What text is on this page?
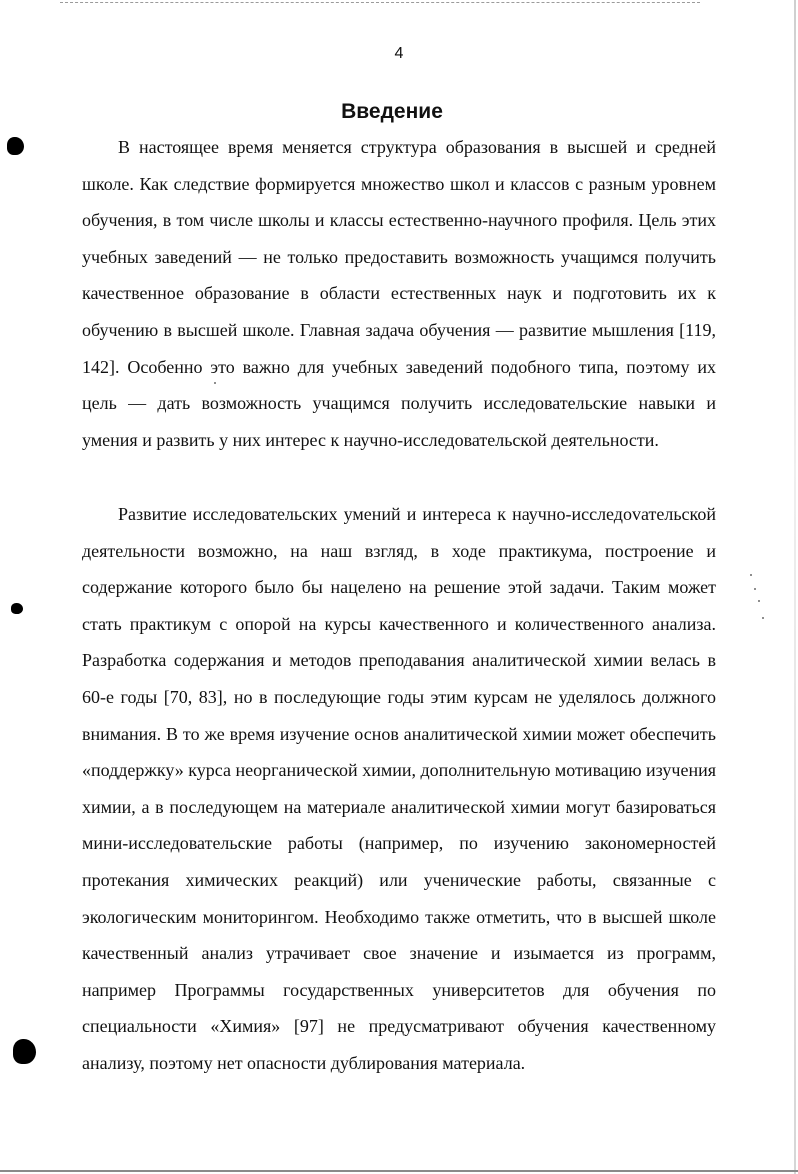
4
Введение

В настоящее время меняется структура образования в высшей и средней школе. Как следствие формируется множество школ и классов с разным уровнем обучения, в том числе школы и классы естественно-научного профиля. Цель этих учебных заведений — не только предоставить возможность учащимся получить качественное образование в области естественных наук и подготовить их к обучению в высшей школе. Главная задача обучения — развитие мышления [119, 142]. Особенно это важно для учебных заведений подобного типа, поэтому их цель — дать возможность учащимся получить исследовательские навыки и умения и развить у них интерес к научно-исследовательской деятельности.

Развитие исследовательских умений и интереса к научно-исследоvательской деятельности возможно, на наш взгляд, в ходе практикума, построение и содержание которого было бы нацелено на решение этой задачи. Таким может стать практикум с опорой на курсы качественного и количественного анализа. Разработка содержания и методов преподавания аналитической химии велась в 60-е годы [70, 83], но в последующие годы этим курсам не уделялось должного внимания. В то же время изучение основ аналитической химии может обеспечить «поддержку» курса неорганической химии, дополнительную мотивацию изучения химии, а в последующем на материале аналитической химии могут базироваться мини-исследовательские работы (например, по изучению закономерностей протекания химических реакций) или ученические работы, связанные с экологическим мониторингом. Необходимо также отметить, что в высшей школе качественный анализ утрачивает свое значение и изымается из программ, например Программы государственных университетов для обучения по специальности «Химия» [97] не предусматривают обучения качественному анализу, поэтому нет опасности дублирования материала.
